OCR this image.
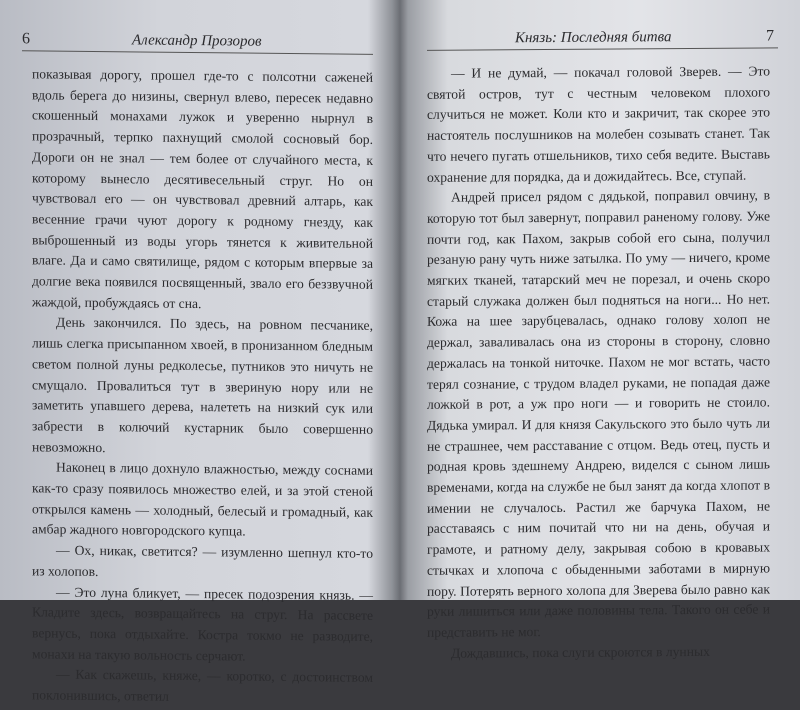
6	Александр Прозоров

показывая дорогу, прошел где-то с полсотни саженей вдоль берега до низины, свернул влево, пересек недавно скошенный монахами лужок и уверенно нырнул в прозрачный, терпко пахнущий смолой сосновый бор. Дороги он не знал — тем более от случайного места, к которому вынесло десятивесельный струг. Но он чувствовал его — он чувствовал древний алтарь, как весенние грачи чуют дорогу к родному гнезду, как выброшенный из воды угорь тянется к живительной влаге. Да и само святилище, рядом с которым впервые за долгие века появился посвященный, звало его беззвучной жаждой, пробуждаясь от сна.

День закончился. По здесь, на ровном песчанике, лишь слегка присыпанном хвоей, в пронизанном бледным светом полной луны редколесье, путников это ничуть не смущало. Провалиться тут в звериную нору или не заметить упавшего дерева, налететь на низкий сук или забрести в колючий кустарник было совершенно невозможно.

Наконец в лицо дохнуло влажностью, между соснами как-то сразу появилось множество елей, и за этой стеной открылся камень — холодный, белесый и громадный, как амбар жадного новгородского купца.

— Ох, никак, светится? — изумленно шепнул кто-то из холопов.

— Это луна бликует, — пресек подозрения князь. — Кладите здесь, возвращайтесь на струг. На рассвете вернусь, пока отдыхайте. Костра токмо не разводите, монахи на такую вольность серчают.

— Как скажешь, княже, — коротко, с достоинством поклонившись, ответил

Князь: Последняя битва	7

— И не думай, — покачал головой Зверев. — Это святой остров, тут с честным человеком плохого случиться не может. Коли кто и закричит, так скорее это настоятель послушников на молебен созывать станет. Так что нечего пугать отшельников, тихо себя ведите. Выставь охранение для порядка, да и дожидайтесь. Все, ступай.

Андрей присел рядом с дядькой, поправил овчину, в которую тот был завернут, поправил раненому голову. Уже почти год, как Пахом, закрыв собой его сына, получил резаную рану чуть ниже затылка. По уму — ничего, кроме мягких тканей, татарский меч не порезал, и очень скоро старый служака должен был подняться на ноги... Но нет. Кожа на шее зарубцевалась, однако голову холоп не держал, заваливалась она из стороны в сторону, словно держалась на тонкой ниточке. Пахом не мог встать, часто терял сознание, с трудом владел руками, не попадая даже ложкой в рот, а уж про ноги — и говорить не стоило. Дядька умирал. И для князя Сакульского это было чуть ли не страшнее, чем расставание с отцом. Ведь отец, пусть и родная кровь здешнему Андрею, виделся с сыном лишь временами, когда на службе не был занят да когда хлопот в имении не случалось. Растил же барчука Пахом, не расставаясь с ним почитай что ни на день, обучая и грамоте, и ратному делу, закрывая собою в кровавых стычках и хлопоча с обыденными заботами в мирную пору. Потерять верного холопа для Зверева было равно как руки лишиться или даже половины тела. Такого он себе и представить не мог.

Дождавшись, пока слуги скроются в лунных
